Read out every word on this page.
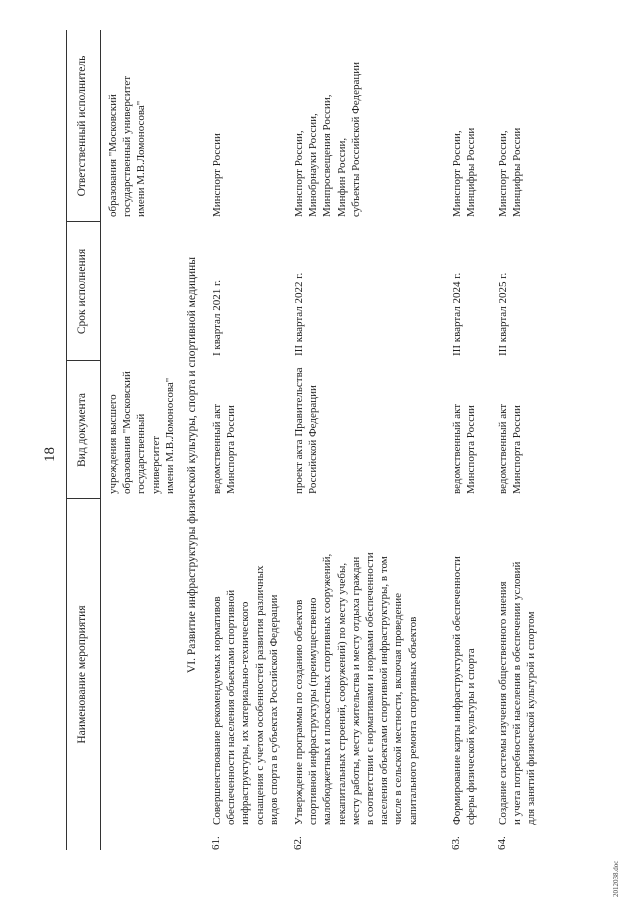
18
Наименование мероприятия
Вид документа
Срок исполнения
Ответственный исполнитель
учреждения высшего
образования "Московский
государственный
университет
имени М.В.Ломоносова"
образования "Московский
государственный университет
имени М.В.Ломоносова"
VI. Развитие инфраструктуры физической культуры, спорта и спортивной медицины
61.
Совершенствование рекомендуемых нормативов
обеспеченности населения объектами спортивной
инфраструктуры, их материально-технического
оснащения с учетом особенностей развития различных
видов спорта в субъектах Российской Федерации
ведомственный акт
Минспорта России
I квартал 2021 г.
Минспорт России
62.
Утверждение программы по созданию объектов
спортивной инфраструктуры (преимущественно
малобюджетных и плоскостных спортивных сооружений,
некапитальных строений, сооружений) по месту учебы,
месту работы, месту жительства и месту отдыха граждан
в соответствии с нормативами и нормами обеспеченности
населения объектами спортивной инфраструктуры, в том
числе в сельской местности, включая проведение
капитального ремонта спортивных объектов
проект акта Правительства
Российской Федерации
III квартал 2022 г.
Минспорт России,
Минобрнауки России,
Минпросвещения России,
Минфин России,
субъекты Российской Федерации
63.
Формирование карты инфраструктурной обеспеченности
сферы физической культуры и спорта
ведомственный акт
Минспорта России
III квартал 2024 г.
Минспорт России,
Минцифры России
64.
Создание системы изучения общественного мнения
и учета потребностей населения в обеспечении условий
для занятий физической культурой и спортом
ведомственный акт
Минспорта России
III квартал 2025 г.
Минспорт России,
Минцифры России
2012038.doc
